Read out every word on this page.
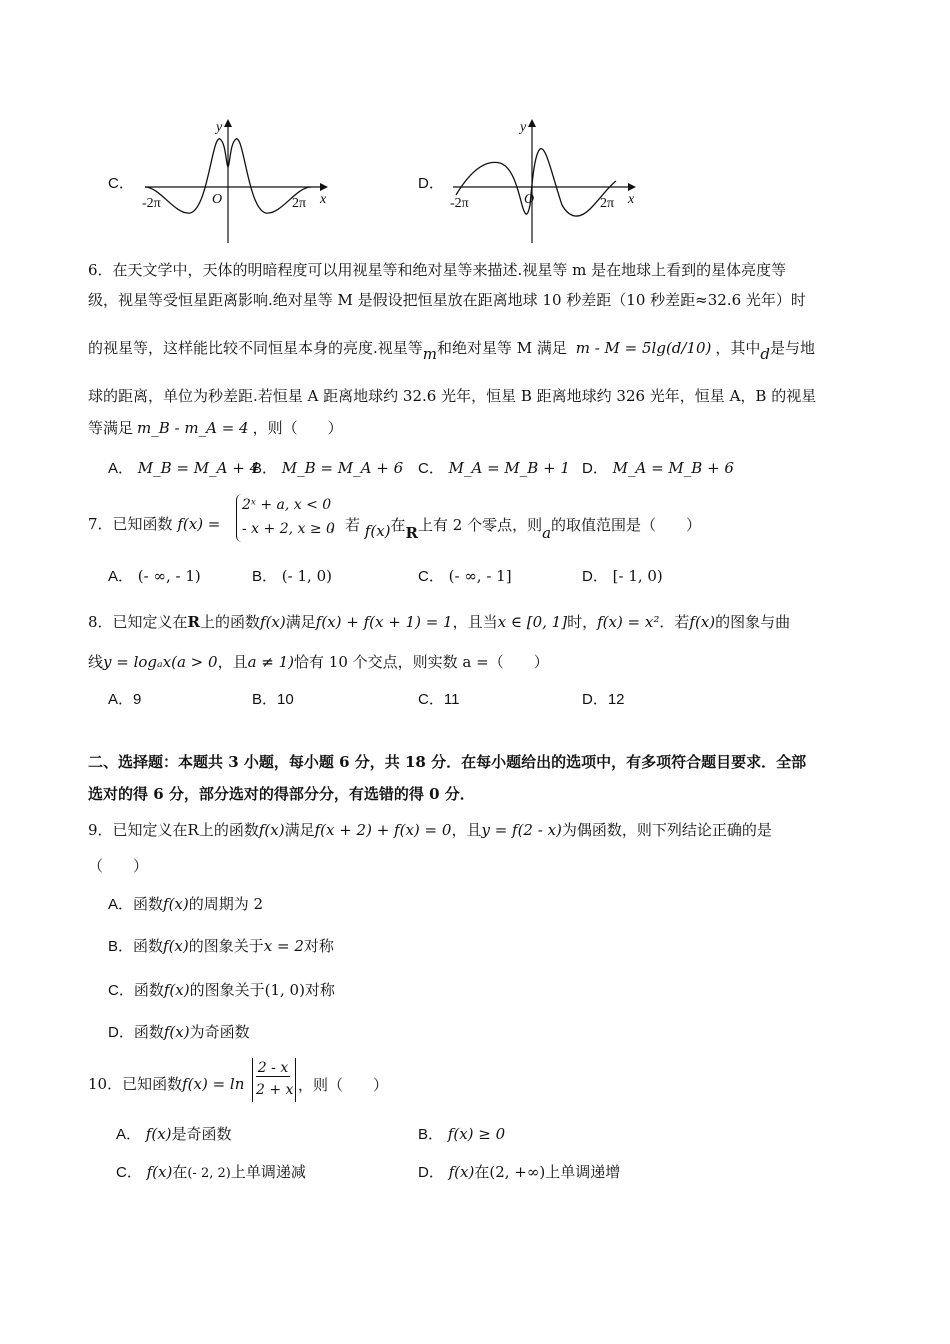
C．
y
x
O
-2π	2π
D．
y
x
O
-2π	2π
6．在天文学中，天体的明暗程度可以用视星等和绝对星等来描述.视星等 m 是在地球上看到的星体亮度等
级，视星等受恒星距离影响.绝对星等 M 是假设把恒星放在距离地球 10 秒差距（10 秒差距≈32.6 光年）时
的视星等，这样能比较不同恒星本身的亮度.视星等m和绝对星等 M 满足 m - M = 5lg(d/10) ，其中d是与地
球的距离，单位为秒差距.若恒星 A 距离地球约 32.6 光年，恒星 B 距离地球约 326 光年，恒星 A，B 的视星
等满足 m_B - m_A = 4 ，则（　　）
A． M_B = M_A + 4
B． M_B = M_A + 6 C． M_A = M_B + 1 D． M_A = M_B + 6
7．已知函数 f(x) =
2ˣ + a, x < 0
- x + 2, x ≥ 0
，若 f(x)在R上有 2 个零点，则a的取值范围是（　　）
A． (- ∞, - 1)	B． (- 1, 0)	C． (- ∞, - 1]	D． [- 1, 0)
8．已知定义在R上的函数f(x)满足f(x) + f(x + 1) = 1，且当x ∈ [0, 1]时，f(x) = x²．若f(x)的图象与曲
线y = logₐx(a > 0，且a ≠ 1)恰有 10 个交点，则实数 a =（　　）
A．9	B．10	C．11	D．12
二、选择题：本题共 3 小题，每小题 6 分，共 18 分．在每小题给出的选项中，有多项符合题目要求．全部
选对的得 6 分，部分选对的得部分分，有选错的得 0 分．
9．已知定义在R上的函数f(x)满足f(x + 2) + f(x) = 0，且y = f(2 - x)为偶函数，则下列结论正确的是
（　　）
A．函数f(x)的周期为 2
B．函数f(x)的图象关于x = 2对称
C．函数f(x)的图象关于(1, 0)对称
D．函数f(x)为奇函数
10．已知函数f(x) = ln
2 - x
2 + x ，则（　　）
A． f(x)是奇函数	B． f(x) ≥ 0
C． f(x)在(- 2, 2)上单调递减	D． f(x)在(2, +∞)上单调递增
